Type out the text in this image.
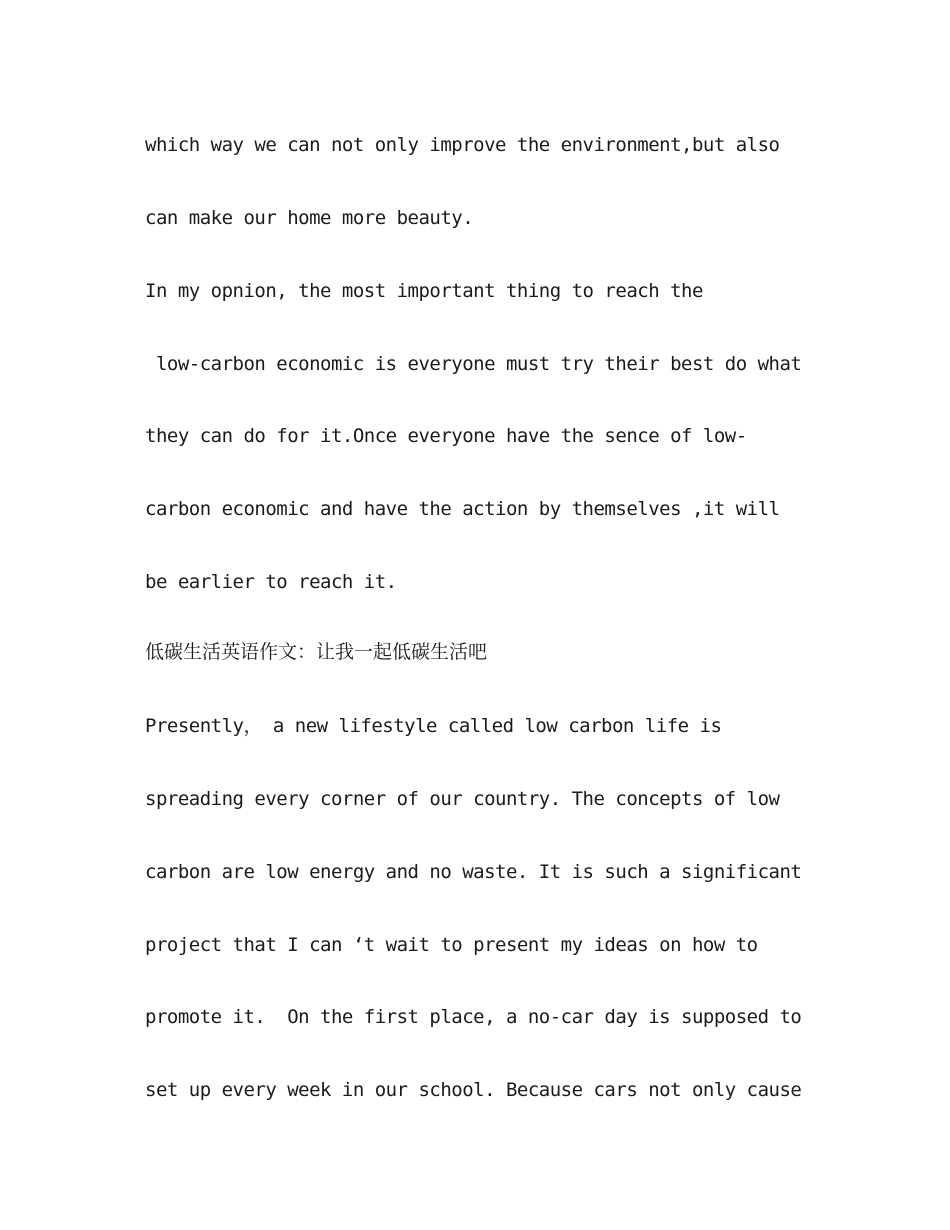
which way we can not only improve the environment,but also
can make our home more beauty.
In my opnion, the most important thing to reach the
low-carbon economic is everyone must try their best do what
they can do for it.Once everyone have the sence of low-
carbon economic and have the action by themselves ,it will
be earlier to reach it.
低碳生活英语作文：让我一起低碳生活吧
Presently， a new lifestyle called low carbon life is
spreading every corner of our country. The concepts of low
carbon are low energy and no waste. It is such a significant
project that I can ‘t wait to present my ideas on how to
promote it.  On the first place, a no-car day is supposed to
set up every week in our school. Because cars not only cause
